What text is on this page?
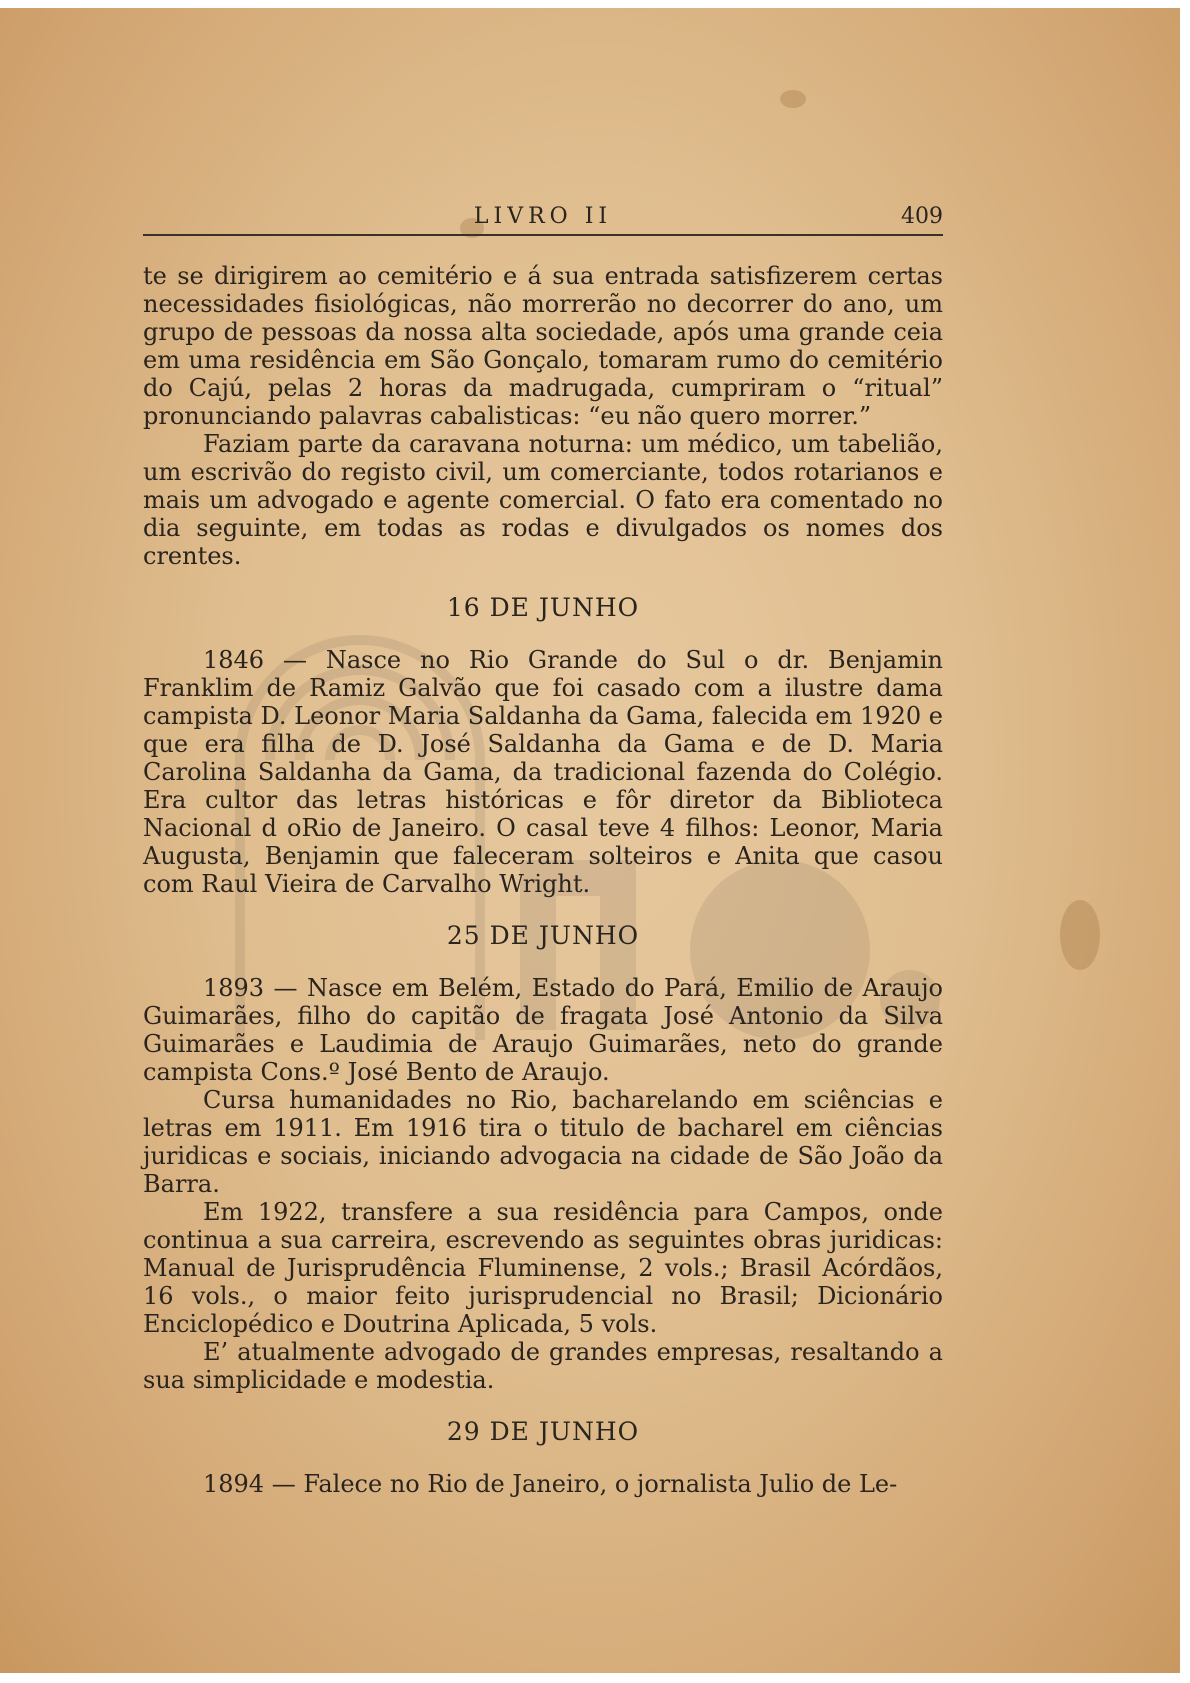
LIVRO II	409

te se dirigirem ao cemitério e á sua entrada satisfizerem certas necessidades fisiológicas, não morrerão no decorrer do ano, um grupo de pessoas da nossa alta sociedade, após uma grande ceia em uma residência em São Gonçalo, tomaram rumo do cemitério do Cajú, pelas 2 horas da madrugada, cumpriram o “ritual” pronunciando palavras cabalisticas: “eu não quero morrer.”

Faziam parte da caravana noturna: um médico, um tabelião, um escrivão do registo civil, um comerciante, todos rotarianos e mais um advogado e agente comercial. O fato era comentado no dia seguinte, em todas as rodas e divulgados os nomes dos crentes.

16 DE JUNHO

1846 — Nasce no Rio Grande do Sul o dr. Benjamin Franklim de Ramiz Galvão que foi casado com a ilustre dama campista D. Leonor Maria Saldanha da Gama, falecida em 1920 e que era filha de D. José Saldanha da Gama e de D. Maria Carolina Saldanha da Gama, da tradicional fazenda do Colégio. Era cultor das letras históricas e fôr diretor da Biblioteca Nacional d oRio de Janeiro. O casal teve 4 filhos: Leonor, Maria Augusta, Benjamin que faleceram solteiros e Anita que casou com Raul Vieira de Carvalho Wright.

25 DE JUNHO

1893 — Nasce em Belém, Estado do Pará, Emilio de Araujo Guimarães, filho do capitão de fragata José Antonio da Silva Guimarães e Laudimia de Araujo Guimarães, neto do grande campista Cons.º José Bento de Araujo.

Cursa humanidades no Rio, bacharelando em sciências e letras em 1911. Em 1916 tira o titulo de bacharel em ciências juridicas e sociais, iniciando advogacia na cidade de São João da Barra.

Em 1922, transfere a sua residência para Campos, onde continua a sua carreira, escrevendo as seguintes obras juridicas: Manual de Jurisprudência Fluminense, 2 vols.; Brasil Acórdãos, 16 vols., o maior feito jurisprudencial no Brasil; Dicionário Enciclopédico e Doutrina Aplicada, 5 vols.

E’ atualmente advogado de grandes empresas, resaltando a sua simplicidade e modestia.

29 DE JUNHO

1894 — Falece no Rio de Janeiro, o jornalista Julio de Le-
